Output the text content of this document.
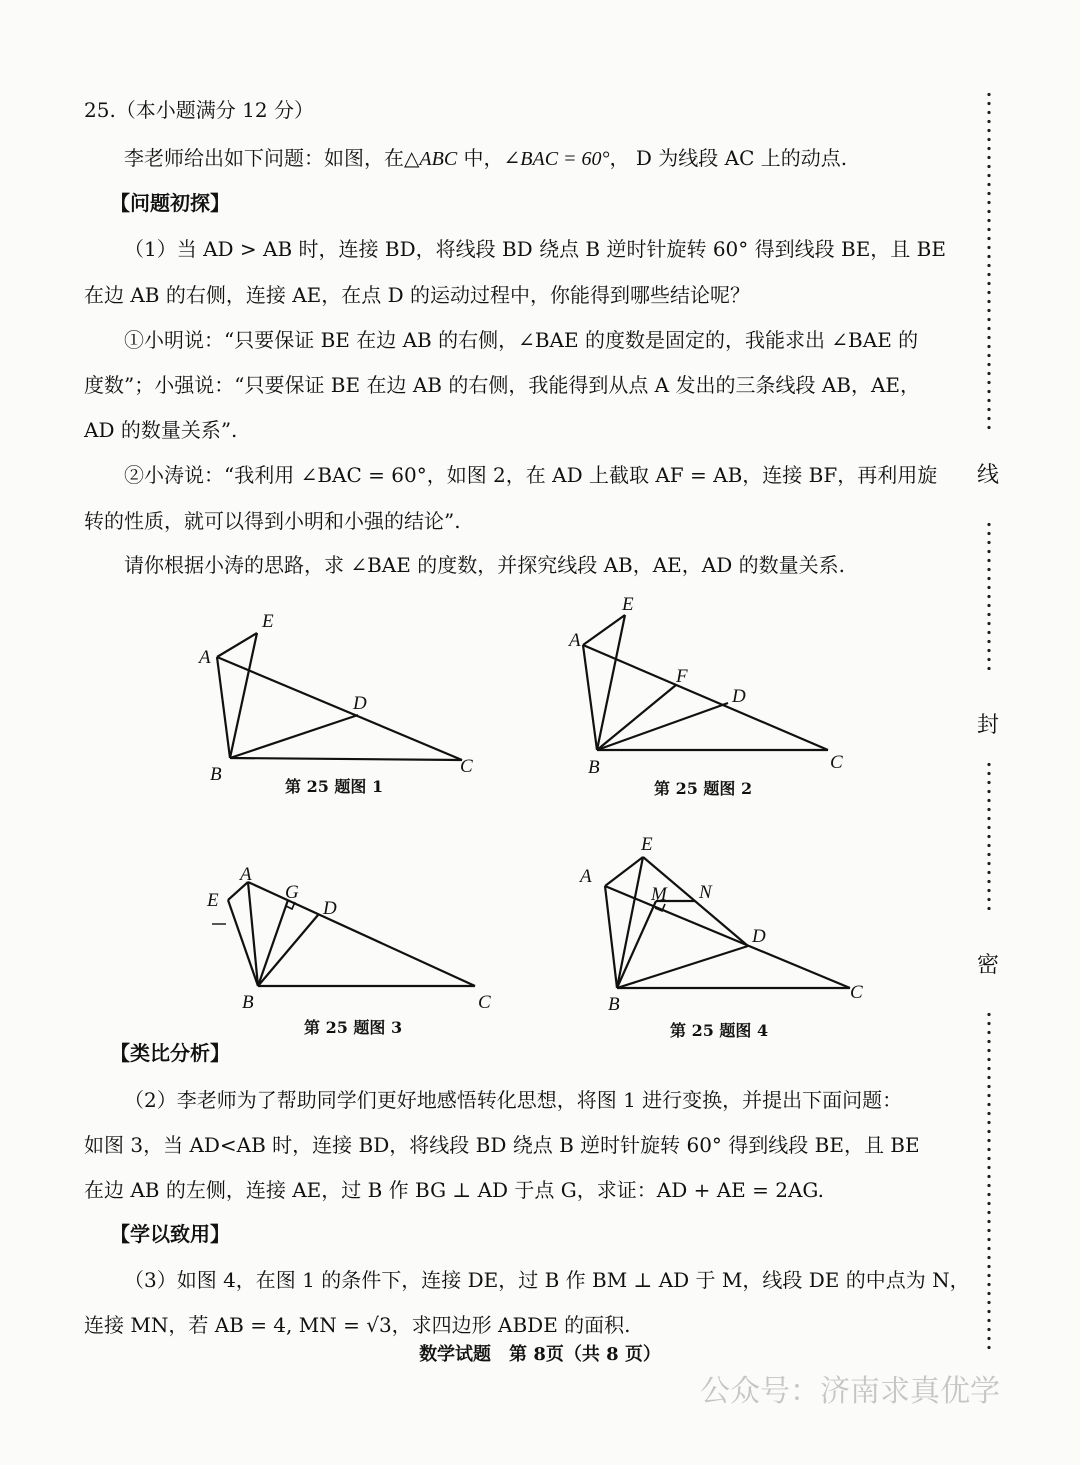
25.（本小题满分 12 分）
李老师给出如下问题：如图，在△ABC 中，∠BAC = 60°， D 为线段 AC 上的动点.
【问题初探】
（1）当 AD > AB 时，连接 BD，将线段 BD 绕点 B 逆时针旋转 60° 得到线段 BE，且 BE
在边 AB 的右侧，连接 AE，在点 D 的运动过程中，你能得到哪些结论呢？
①小明说：“只要保证 BE 在边 AB 的右侧，∠BAE 的度数是固定的，我能求出 ∠BAE 的
度数”；小强说：“只要保证 BE 在边 AB 的右侧，我能得到从点 A 发出的三条线段 AB，AE，
AD 的数量关系”.
②小涛说：“我利用 ∠BAC = 60°，如图 2，在 AD 上截取 AF = AB，连接 BF，再利用旋
转的性质，就可以得到小明和小强的结论”.
请你根据小涛的思路，求 ∠BAE 的度数，并探究线段 AB，AE，AD 的数量关系.
A
E
D
B	C
第 25 题图 1
A
E
F
D
B	C
第 25 题图 2
A
G
D
E
B	C
第 25 题图 3
A
E
M N
D
B
C
第 25 题图 4
【类比分析】
（2）李老师为了帮助同学们更好地感悟转化思想，将图 1 进行变换，并提出下面问题：
如图 3，当 AD<AB 时，连接 BD，将线段 BD 绕点 B 逆时针旋转 60° 得到线段 BE，且 BE
在边 AB 的左侧，连接 AE，过 B 作 BG ⊥ AD 于点 G，求证：AD + AE = 2AG.
【学以致用】
（3）如图 4，在图 1 的条件下，连接 DE，过 B 作 BM ⊥ AD 于 M，线段 DE 的中点为 N，
连接 MN，若 AB = 4, MN = √3，求四边形 ABDE 的面积.
线
封
密
数学试题　第 8页（共 8 页）
公众号：济南求真优学
